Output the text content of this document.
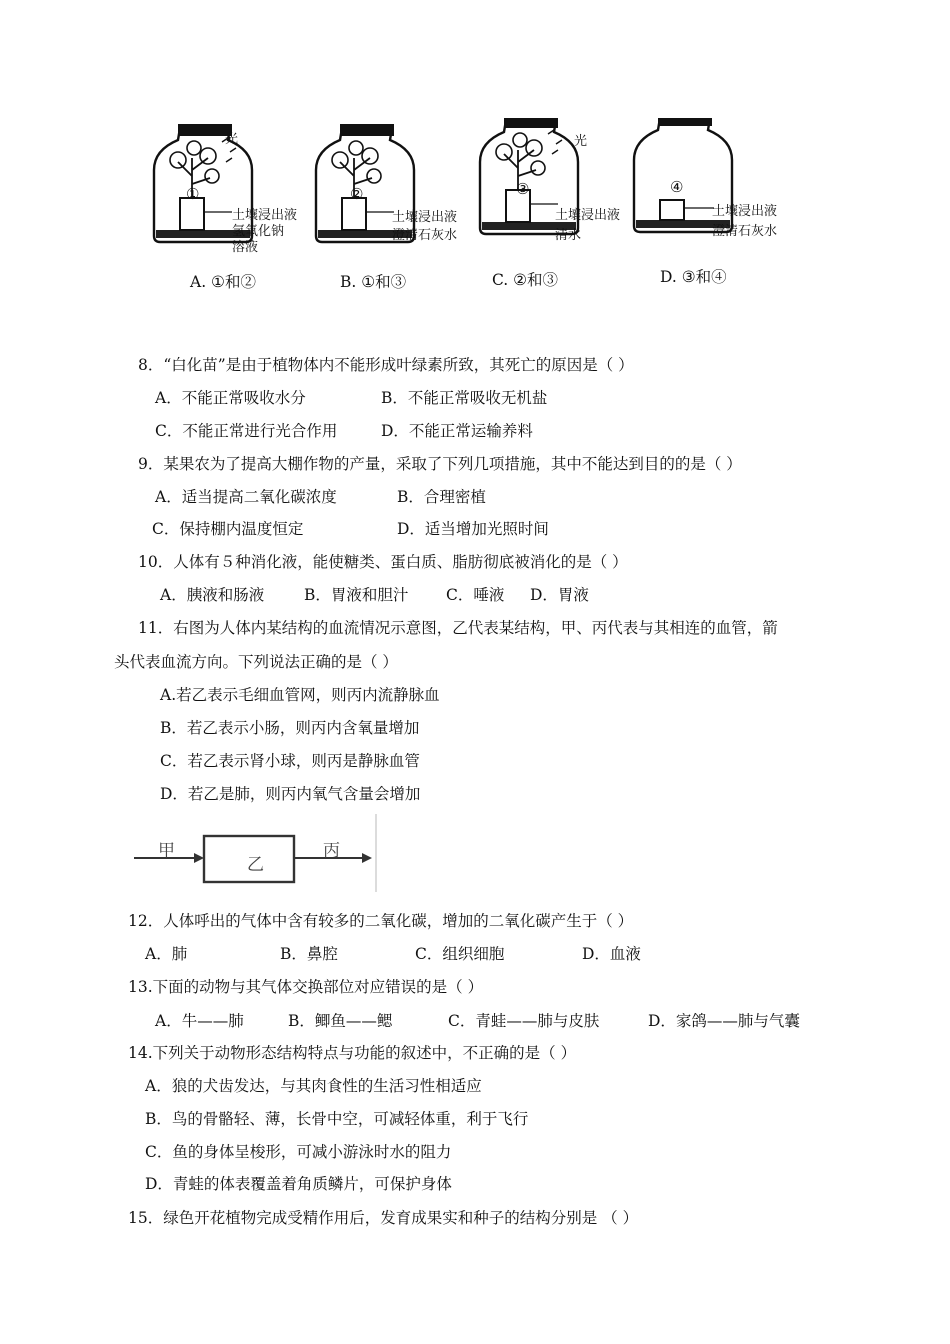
光
①
土壤浸出液
氢氧化钠
溶液
②
土壤浸出液
澄清石灰水
光
③
土壤浸出液
清水
④
土壤浸出液
澄清石灰水
A. ①和②	B. ①和③	C. ②和③	D. ③和④
8．“白化苗”是由于植物体内不能形成叶绿素所致，其死亡的原因是（ ）
A．不能正常吸收水分	B．不能正常吸收无机盐
C．不能正常进行光合作用	D．不能正常运输养料
9．某果农为了提高大棚作物的产量，采取了下列几项措施，其中不能达到目的的是（ ）
A．适当提高二氧化碳浓度	B．合理密植
C．保持棚内温度恒定	D．适当增加光照时间
10．人体有５种消化液，能使糖类、蛋白质、脂肪彻底被消化的是（ ）
A．胰液和肠液	B．胃液和胆汁 C．唾液 D．胃液
11．右图为人体内某结构的血流情况示意图，乙代表某结构，甲、丙代表与其相连的血管，箭
头代表血流方向。下列说法正确的是（ ）
A.若乙表示毛细血管网，则丙内流静脉血
B．若乙表示小肠，则丙内含氧量增加
C．若乙表示肾小球，则丙是静脉血管
D．若乙是肺，则丙内氧气含量会增加
甲
乙
丙
12．人体呼出的气体中含有较多的二氧化碳，增加的二氧化碳产生于（ ）
A．肺	B．鼻腔	C．组织细胞	D．血液
13.下面的动物与其气体交换部位对应错误的是（ ）
A．牛——肺	B．鲫鱼——鳃	C．青蛙——肺与皮肤	D．家鸽——肺与气囊
14.下列关于动物形态结构特点与功能的叙述中，不正确的是（ ）
A．狼的犬齿发达，与其肉食性的生活习性相适应
B．鸟的骨骼轻、薄，长骨中空，可减轻体重，利于飞行
C．鱼的身体呈梭形，可减小游泳时水的阻力
D．青蛙的体表覆盖着角质鳞片，可保护身体
15．绿色开花植物完成受精作用后，发育成果实和种子的结构分别是 （ ）
